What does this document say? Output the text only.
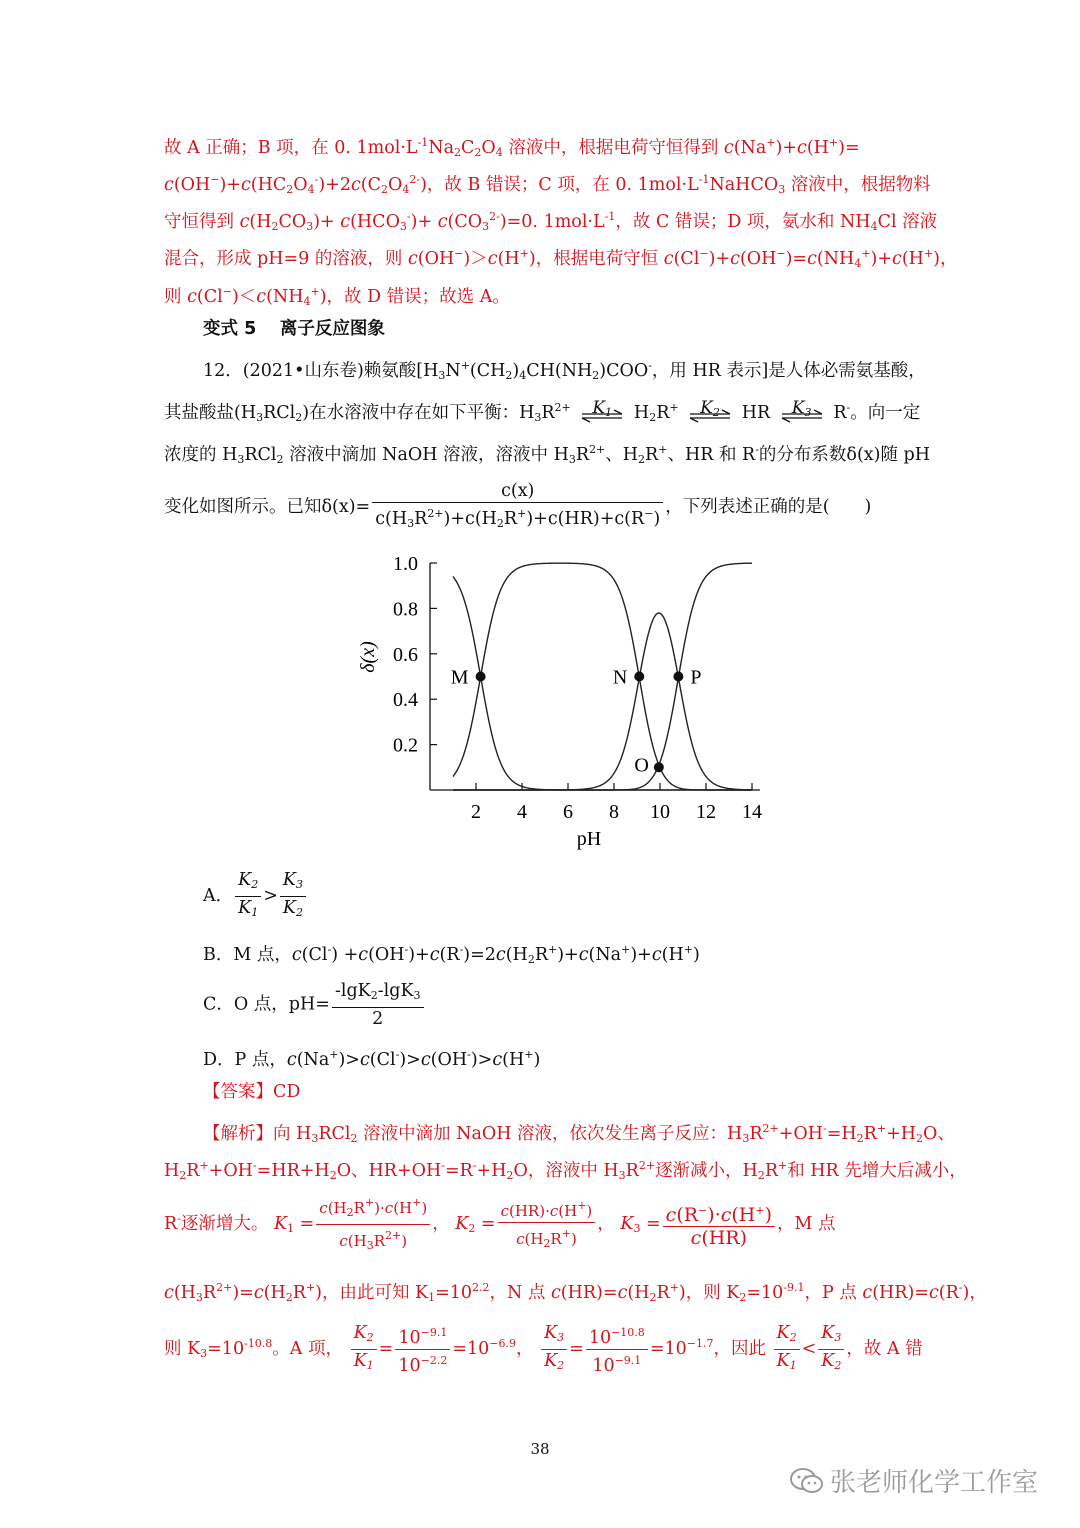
故 A 正确；B 项，在 0. $1mol\cdot L^{-1}Na_2C_2O_4$ 溶液中，根据电荷守恒得到 c(Na+)+c(H+)=
$c(OH^-)+c(HC_2O_4^-)+2c(C_2O_4^{2-})$，故 B 错误；C 项，在 0. $1mol\cdot L^{-1}NaHCO_3$ 溶液中，根据物料
守恒得到 $c(H_2CO_3)+ c(HCO_3^-)+ c(CO_3^{2-})=0$. $1mol\cdot L^{-1}$，故 C 错误；D 项，氨水和 $NH_4Cl$ 溶液
混合，形成 pH=9 的溶液，则 c(OH−)＞c(H+)，根据电荷守恒 $c(Cl^-)+c(OH^-)=c(NH_4^+)+c(H^+)$，
则 $c(Cl^-)<c(NH_4^+)$，故 D 错误；故选 A。
变式 5　 离子反应图象
12．(2021•山东卷)赖氨酸[$H_3N^+(CH_2)_4CH(NH_2)COO^-$，用 HR 表示]是人体必需氨基酸，
其盐酸盐$(H_3RCl_2)$在水溶液中存在如下平衡：$H_3R^{2+}$ $K_1$ $H_2R^+$ $K_2$ HR $K_3$ R-。向一定
浓度的 $H_3RCl_2$ 溶液中滴加 NaOH 溶液，溶液中 $H_3R^{2+}$、$H_2R^+$、HR 和 R-的分布系数δ(x)随 pH
变化如图所示。已知$\delta(x)= \frac{c(x)}{c(H_3R^{2+})+c(H_2R^+)+c(HR)+c(R^-)}$ ，下列表述正确的是(　　)
0.2
0.4
0.6
0.8
1.0
2 4 6 8 10 12 14
M	N
O
P
δ(x)
pH
A． $\frac{K_2}{K_1} > \frac{K_3}{K_2}$
B．M 点，$c(Cl^-) +c(OH^-)+c(R^-)=2c(H_2R^+)+c(Na^+)+c(H^+)$
C．O 点，$pH= \frac{-\lg K_2-\lg K_3}{2}$
D．P 点，c(Na+)>c(Cl-)>c(OH-)>c(H+)
【答案】CD
【解析】向 $H_3RCl_2$ 溶液中滴加 NaOH 溶液，依次发生离子反应：$H_3R^{2+}+OH^-=H_2R^++H_2O$、
$H_2R^++OH^-=HR+H_2O$、$HR+OH^-=R^-+H_2O$，溶液中 $H_3R^{2+}$逐渐减小，$H_2R^+$和 HR 先增大后减小，
R-逐渐增大。 $K_1 = \frac{c(H_2R^+)\cdot c(H^+)}{c(H_3R^{2+})}$ ， $K_2 = \frac{c(HR)\cdot c(H^+)}{c(H_2R^+)}$ ， $K_3 = \frac{c(R^-)\cdot c(H^+)}{c(HR)}$ ，M 点
$c(H_3R^{2+})=c(H_2R^+)$，由此可知 $K_1=10^{2.2}$，N 点 $c(HR)=c(H_2R^+)$，则 $K_2=10^{-9.1}$，P 点 c(HR)=c(R-)，
则 $K_3=10^{-10.8}$。A 项， $\frac{K_2}{K_1} = \frac{10^{-9.1}}{10^{-2.2}} =10^{-6.9}$， $\frac{K_3}{K_2} = \frac{10^{-10.8}}{10^{-9.1}} =10^{-1.7}$，因此 $\frac{K_2}{K_1} < \frac{K_3}{K_2}$ ，故 A 错
38
张老师化学工作室
